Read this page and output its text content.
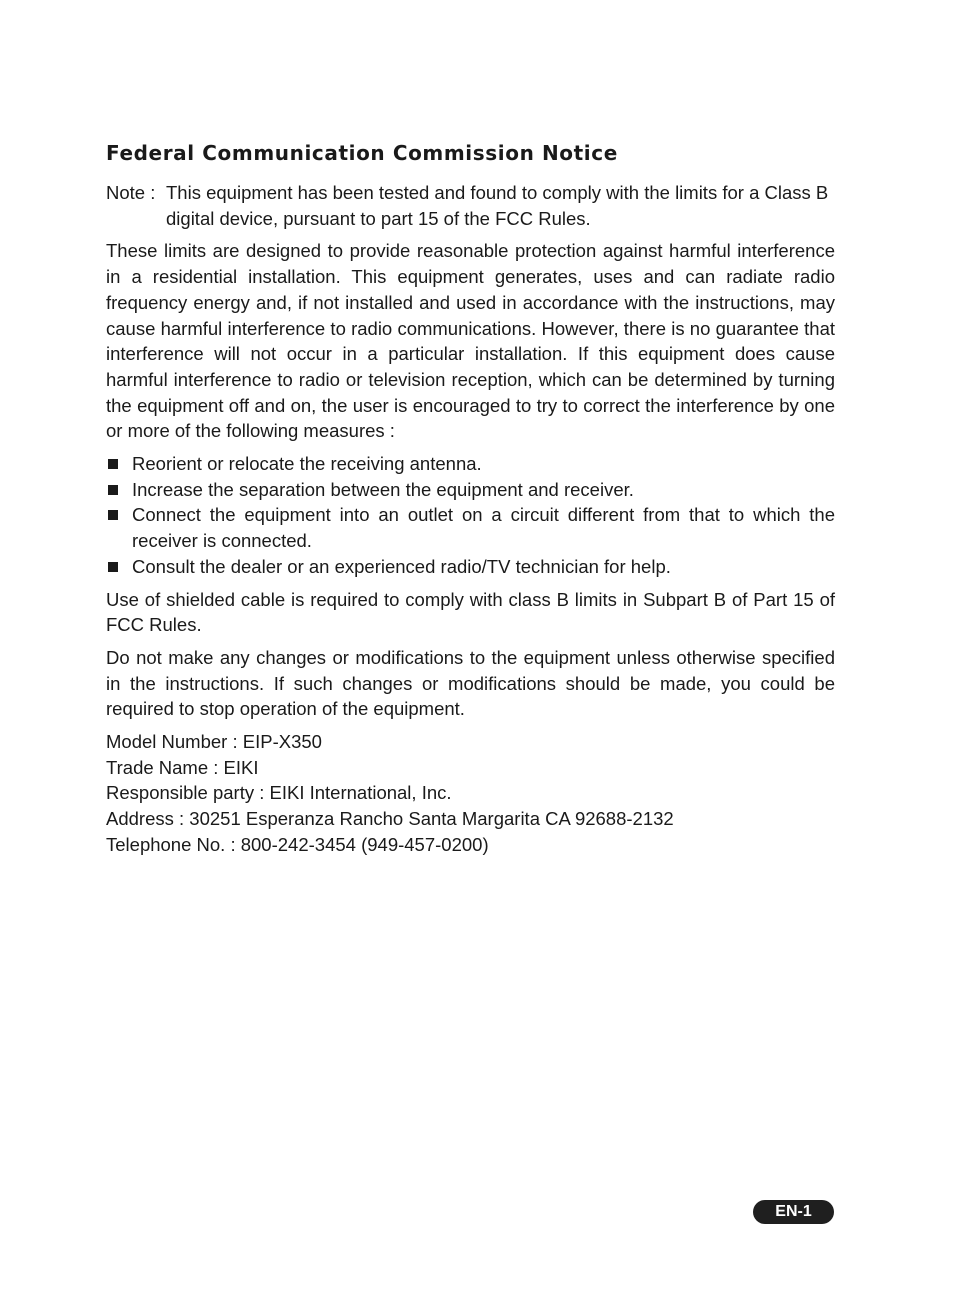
Federal Communication Commission Notice
Note : This equipment has been tested and found to comply with the limits for a Class B digital device, pursuant to part 15 of the FCC Rules.

These limits are designed to provide reasonable protection against harmful interference in a residential installation. This equipment generates, uses and can radiate radio frequency energy and, if not installed and used in accordance with the instructions, may cause harmful interference to radio communications. However, there is no guarantee that interference will not occur in a particular installation. If this equipment does cause harmful interference to radio or television reception, which can be determined by turning the equipment off and on, the user is encouraged to try to correct the interference by one or more of the following measures :

Reorient or relocate the receiving antenna.
Increase the separation between the equipment and receiver.
Connect the equipment into an outlet on a circuit different from that to which the receiver is connected.
Consult the dealer or an experienced radio/TV technician for help.

Use of shielded cable is required to comply with class B limits in Subpart B of Part 15 of FCC Rules.

Do not make any changes or modifications to the equipment unless otherwise specified in the instructions. If such changes or modifications should be made, you could be required to stop operation of the equipment.

Model Number : EIP-X350
Trade Name : EIKI
Responsible party : EIKI International, Inc.
Address : 30251 Esperanza Rancho Santa Margarita CA 92688-2132
Telephone No. : 800-242-3454 (949-457-0200)
EN-1
